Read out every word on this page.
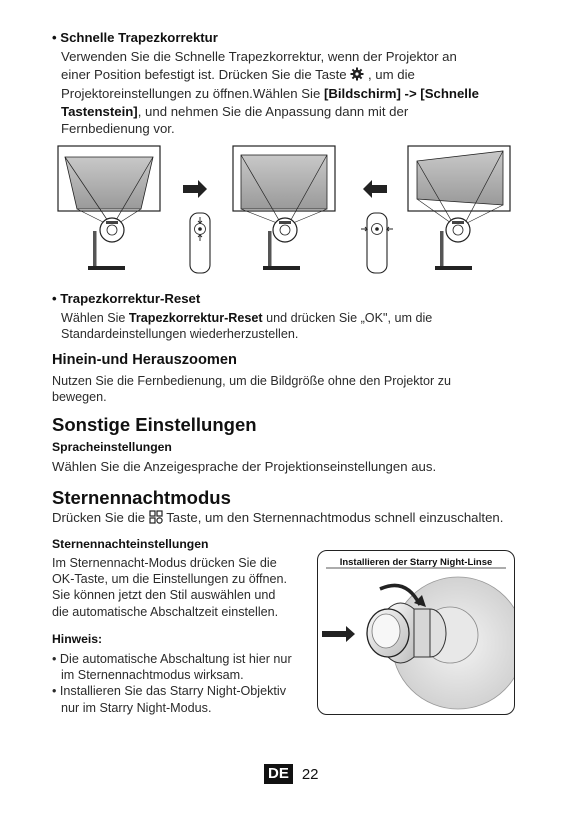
• Schnelle Trapezkorrektur
Verwenden Sie die Schnelle Trapezkorrektur, wenn der Projektor an
einer Position befestigt ist. Drücken Sie die Taste , um die
Projektoreinstellungen zu öffnen.Wählen Sie [Bildschirm] -> [Schnelle
Tastenstein], und nehmen Sie die Anpassung dann mit der
Fernbedienung vor.
• Trapezkorrektur-Reset
Wählen Sie Trapezkorrektur-Reset und drücken Sie „OK", um die
Standardeinstellungen wiederherzustellen.
Hinein-und Herauszoomen
Nutzen Sie die Fernbedienung, um die Bildgröße ohne den Projektor zu
bewegen.
Sonstige Einstellungen
Spracheinstellungen
Wählen Sie die Anzeigesprache der Projektionseinstellungen aus.
Sternennachtmodus
Drücken Sie die Taste, um den Sternennachtmodus schnell einzuschalten.
Sternennachteinstellungen
Im Sternennacht-Modus drücken Sie die
OK-Taste, um die Einstellungen zu öffnen.
Sie können jetzt den Stil auswählen und
die automatische Abschaltzeit einstellen.
Hinweis:
• Die automatische Abschaltung ist hier nur
im Sternennachtmodus wirksam.
• Installieren Sie das Starry Night-Objektiv
nur im Starry Night-Modus.
Installieren der Starry Night-Linse
DE 22
